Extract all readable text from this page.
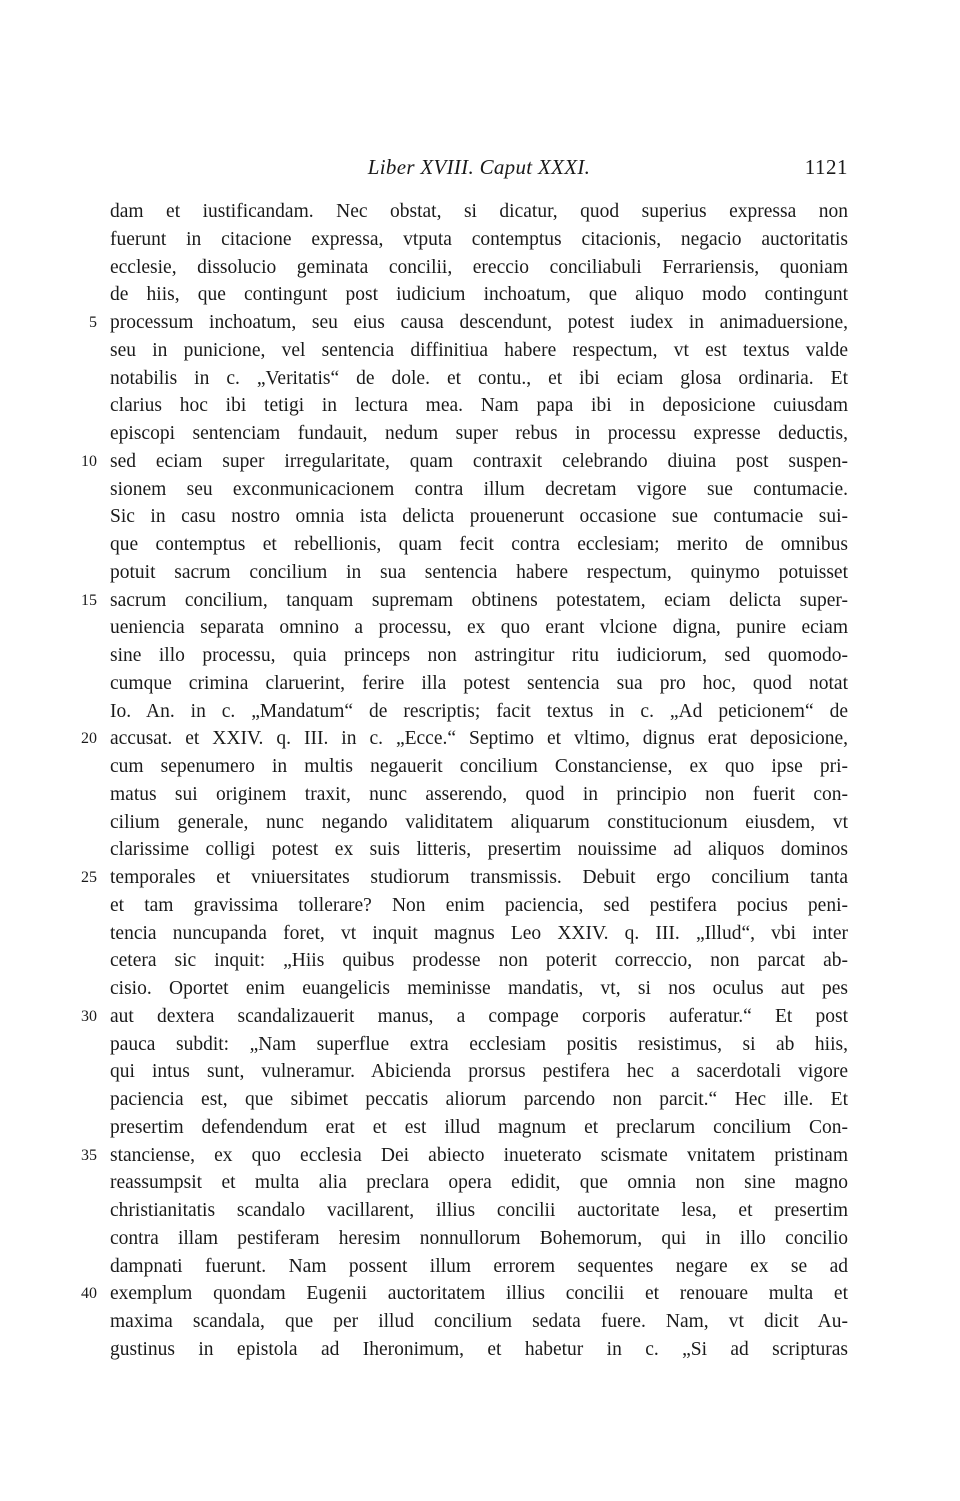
Liber XVIII. Caput XXXI.	1121
dam et iustificandam. Nec obstat, si dicatur, quod superius expressa non
fuerunt in citacione expressa, vtputa contemptus citacionis, negacio auctoritatis
ecclesie, dissolucio geminata concilii, ereccio conciliabuli Ferrariensis, quoniam
de hiis, que contingunt post iudicium inchoatum, que aliquo modo contingunt
5 processum inchoatum, seu eius causa descendunt, potest iudex in animaduersione,
seu in punicione, vel sentencia diffinitiua habere respectum, vt est textus valde
notabilis in c. „Veritatis“ de dole. et contu., et ibi eciam glosa ordinaria. Et
clarius hoc ibi tetigi in lectura mea. Nam papa ibi in deposicione cuiusdam
episcopi sentenciam fundauit, nedum super rebus in processu expresse deductis,
10 sed eciam super irregularitate, quam contraxit celebrando diuina post suspen-
sionem seu exconmunicacionem contra illum decretam vigore sue contumacie.
Sic in casu nostro omnia ista delicta prouenerunt occasione sue contumacie sui-
que contemptus et rebellionis, quam fecit contra ecclesiam; merito de omnibus
potuit sacrum concilium in sua sentencia habere respectum, quinymo potuisset
15 sacrum concilium, tanquam supremam obtinens potestatem, eciam delicta super-
ueniencia separata omnino a processu, ex quo erant vlcione digna, punire eciam
sine illo processu, quia princeps non astringitur ritu iudiciorum, sed quomodo-
cumque crimina claruerint, ferire illa potest sentencia sua pro hoc, quod notat
Io. An. in c. „Mandatum“ de rescriptis; facit textus in c. „Ad peticionem“ de
20 accusat. et XXIV. q. III. in c. „Ecce.“ Septimo et vltimo, dignus erat deposicione,
cum sepenumero in multis negauerit concilium Constanciense, ex quo ipse pri-
matus sui originem traxit, nunc asserendo, quod in principio non fuerit con-
cilium generale, nunc negando validitatem aliquarum constitucionum eiusdem, vt
clarissime colligi potest ex suis litteris, presertim nouissime ad aliquos dominos
25 temporales et vniuersitates studiorum transmissis. Debuit ergo concilium tanta
et tam gravissima tollerare? Non enim paciencia, sed pestifera pocius peni-
tencia nuncupanda foret, vt inquit magnus Leo XXIV. q. III. „Illud“, vbi inter
cetera sic inquit: „Hiis quibus prodesse non poterit correccio, non parcat ab-
cisio. Oportet enim euangelicis meminisse mandatis, vt, si nos oculus aut pes
30 aut dextera scandalizauerit manus, a compage corporis auferatur.“ Et post
pauca subdit: „Nam superflue extra ecclesiam positis resistimus, si ab hiis,
qui intus sunt, vulneramur. Abicienda prorsus pestifera hec a sacerdotali vigore
paciencia est, que sibimet peccatis aliorum parcendo non parcit.“ Hec ille. Et
presertim defendendum erat et est illud magnum et preclarum concilium Con-
35 stanciense, ex quo ecclesia Dei abiecto inueterato scismate vnitatem pristinam
reassumpsit et multa alia preclara opera edidit, que omnia non sine magno
christianitatis scandalo vacillarent, illius concilii auctoritate lesa, et presertim
contra illam pestiferam heresim nonnullorum Bohemorum, qui in illo concilio
dampnati fuerunt. Nam possent illum errorem sequentes negare ex se ad
40 exemplum quondam Eugenii auctoritatem illius concilii et renouare multa et
maxima scandala, que per illud concilium sedata fuere. Nam, vt dicit Au-
gustinus in epistola ad Iheronimum, et habetur in c. „Si ad scripturas
